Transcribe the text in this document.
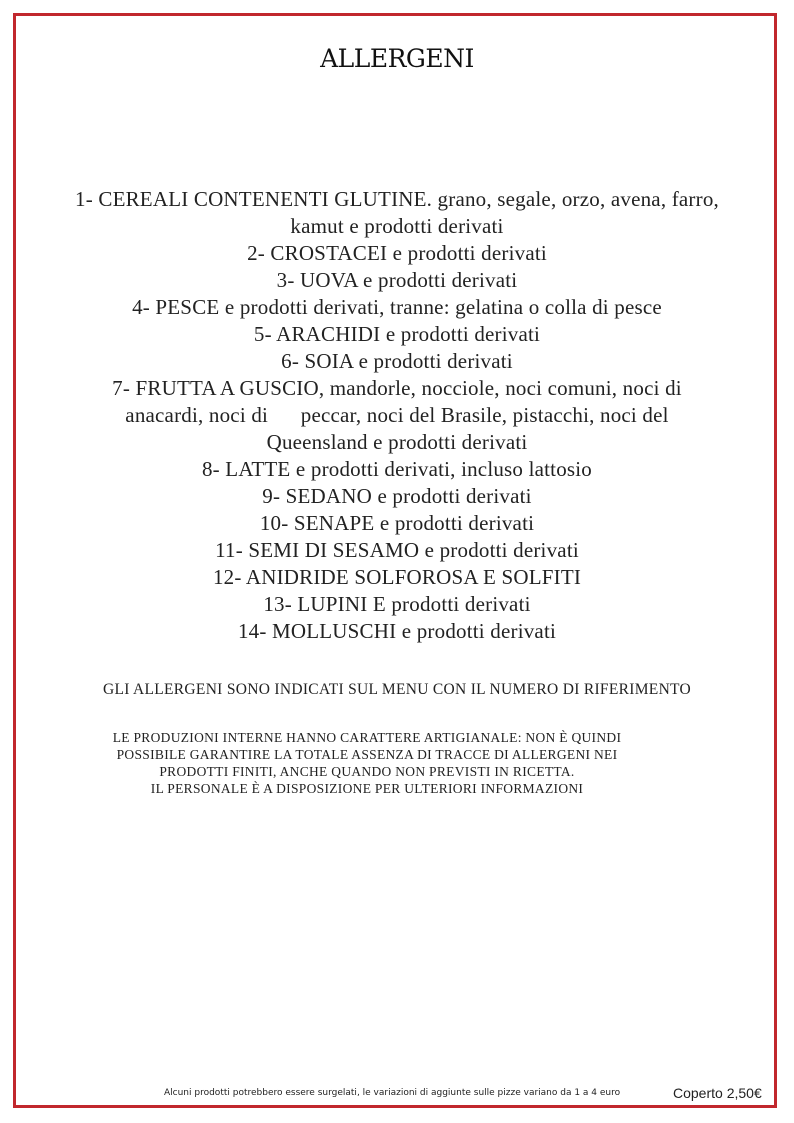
ALLERGENI
1- CEREALI CONTENENTI GLUTINE. grano, segale, orzo, avena, farro,
kamut e prodotti derivati
2- CROSTACEI e prodotti derivati
3- UOVA e prodotti derivati
4- PESCE e prodotti derivati, tranne: gelatina o colla di pesce
5- ARACHIDI e prodotti derivati
6- SOIA e prodotti derivati
7- FRUTTA A GUSCIO, mandorle, nocciole, noci comuni, noci di
anacardi, noci di      peccar, noci del Brasile, pistacchi, noci del
Queensland e prodotti derivati
8- LATTE e prodotti derivati, incluso lattosio
9- SEDANO e prodotti derivati
10- SENAPE e prodotti derivati
11- SEMI DI SESAMO e prodotti derivati
12- ANIDRIDE SOLFOROSA E SOLFITI
13- LUPINI E prodotti derivati
14- MOLLUSCHI e prodotti derivati

GLI ALLERGENI SONO INDICATI SUL MENU CON IL NUMERO DI RIFERIMENTO

LE PRODUZIONI INTERNE HANNO CARATTERE ARTIGIANALE: NON È QUINDI
POSSIBILE GARANTIRE LA TOTALE ASSENZA DI TRACCE DI ALLERGENI NEI
PRODOTTI FINITI, ANCHE QUANDO NON PREVISTI IN RICETTA.
IL PERSONALE È A DISPOSIZIONE PER ULTERIORI INFORMAZIONI

Alcuni prodotti potrebbero essere surgelati, le variazioni di aggiunte sulle pizze variano da 1 a 4 euro	Coperto 2,50€
